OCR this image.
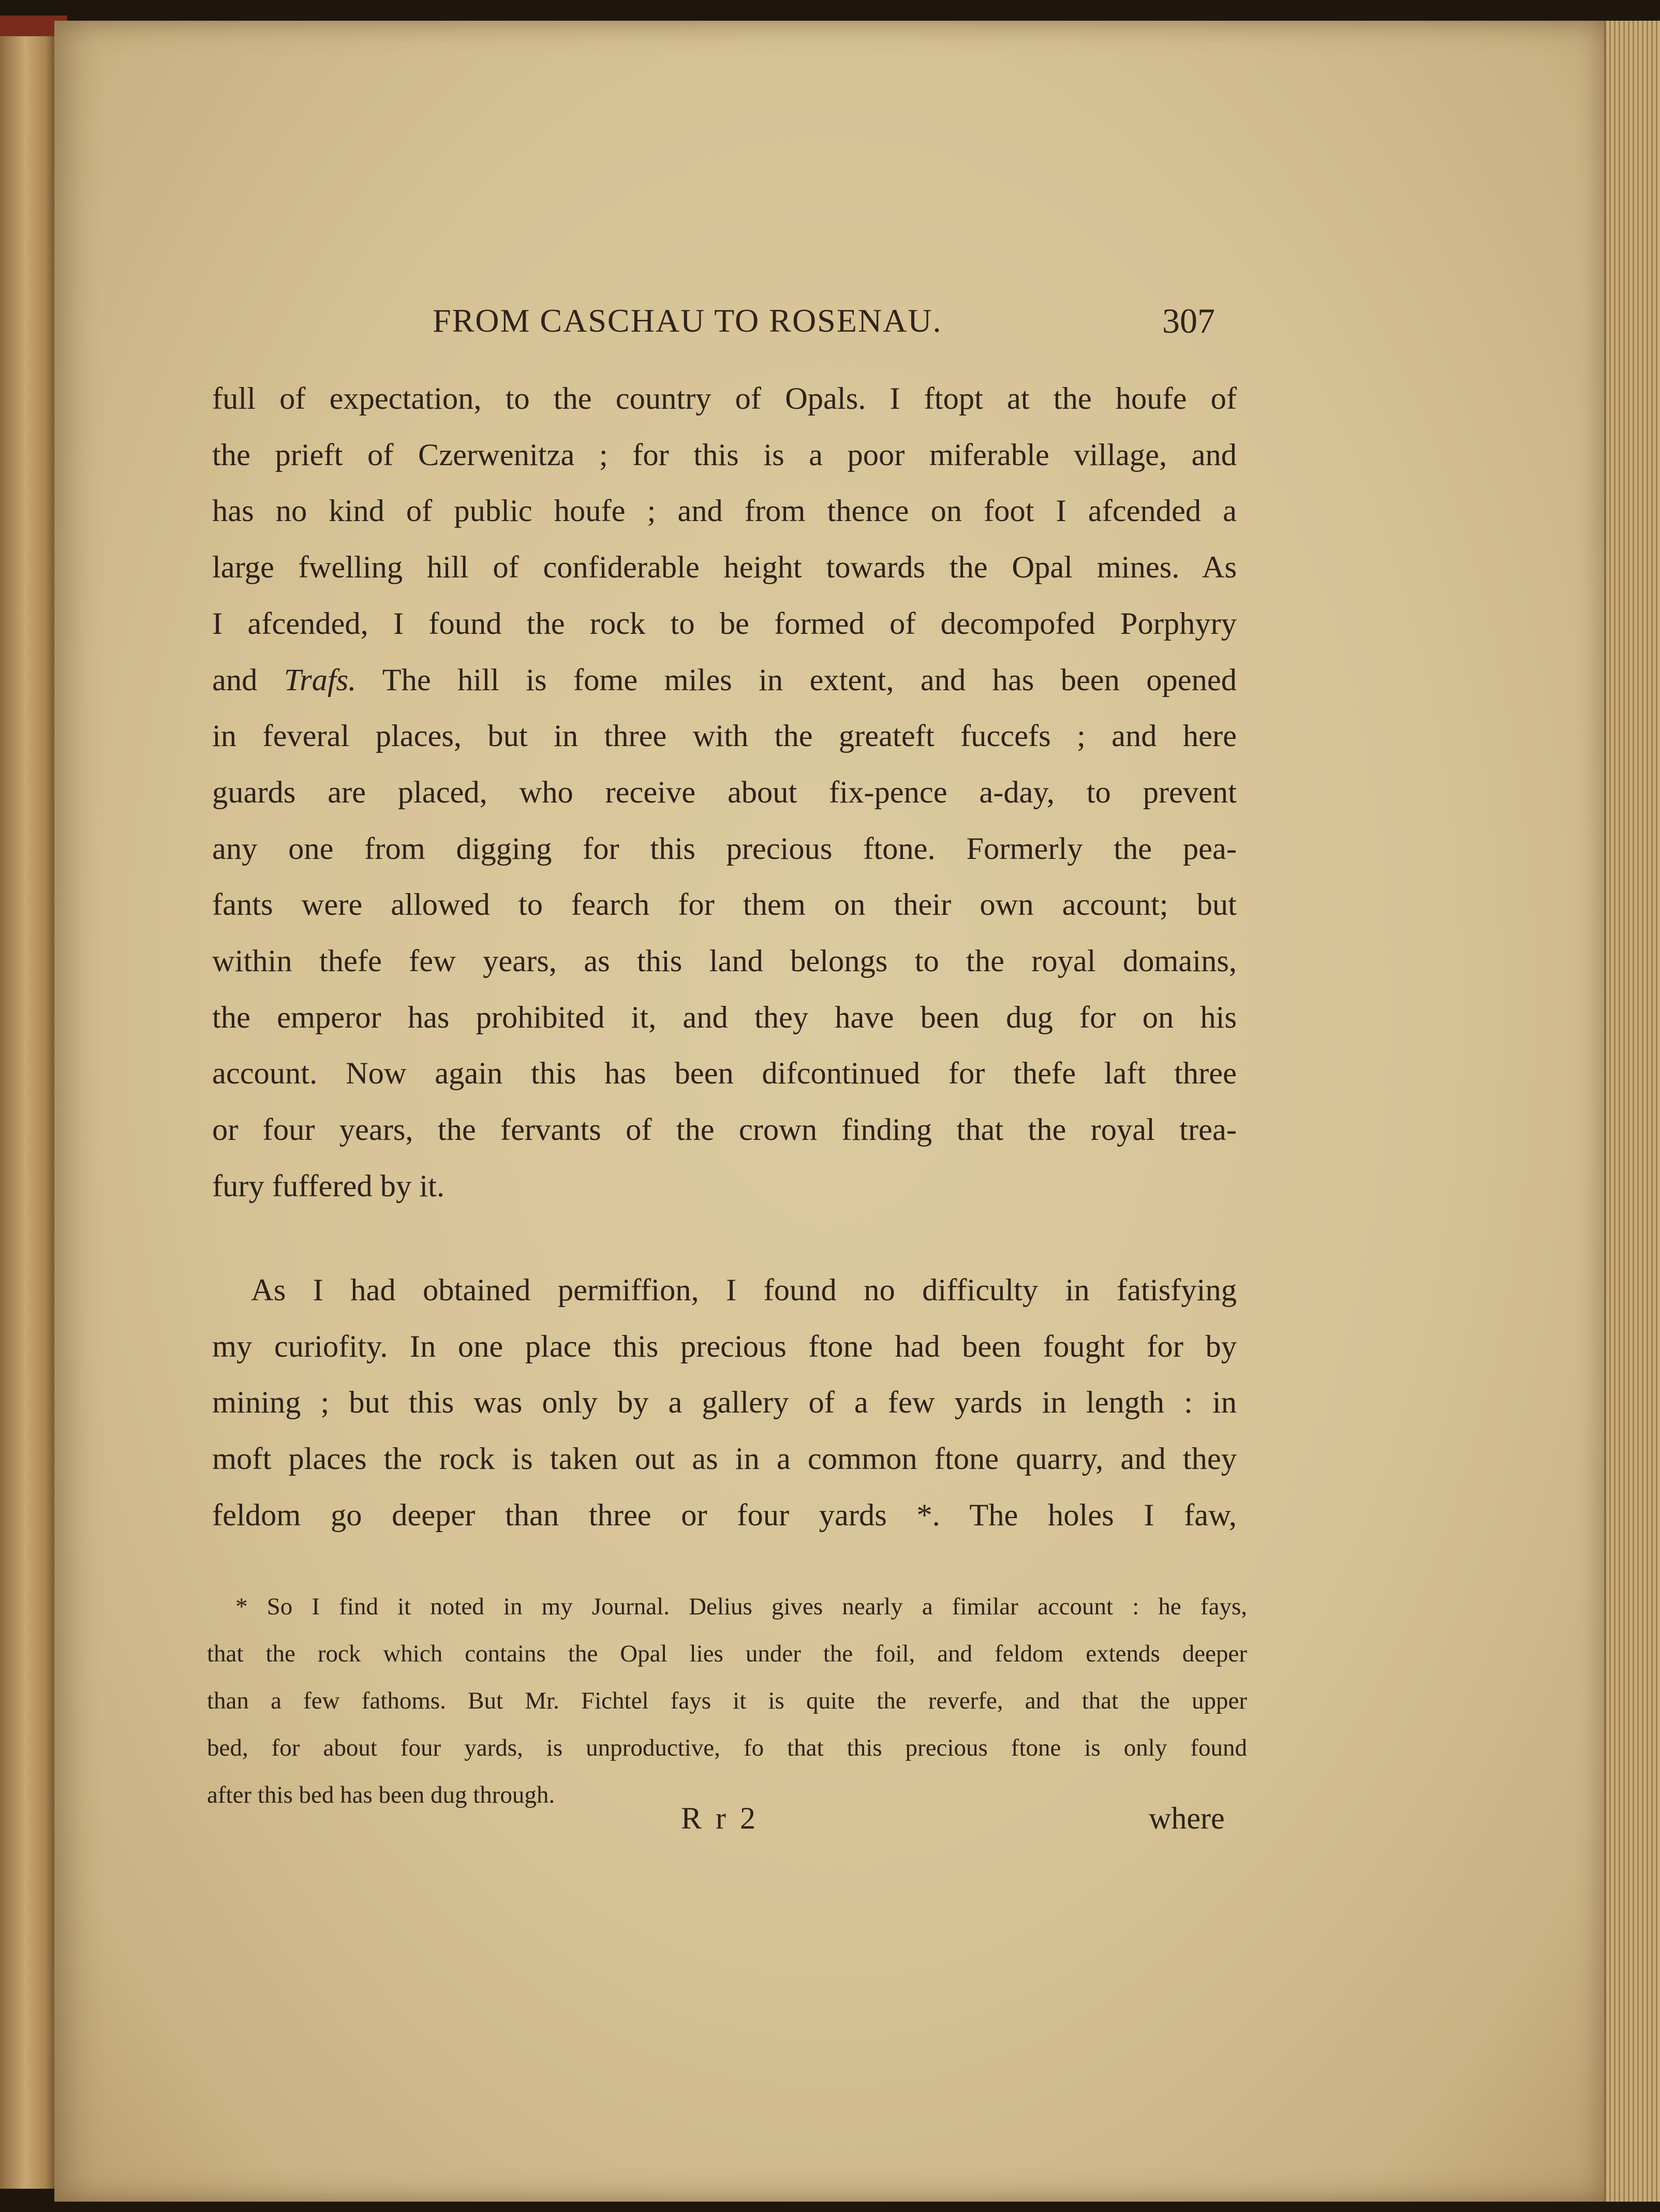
FROM CASCHAU TO ROSENAU.	307
full of expectation, to the country of Opals. I ftopt at the houfe of
the prieft of Czerwenitza ; for this is a poor miferable village, and
has no kind of public houfe ; and from thence on foot I afcended a
large fwelling hill of confiderable height towards the Opal mines. As
I afcended, I found the rock to be formed of decompofed Porphyry
and Trafs. The hill is fome miles in extent, and has been opened
in feveral places, but in three with the greateft fuccefs ; and here
guards are placed, who receive about fix-pence a-day, to prevent
any one from digging for this precious ftone. Formerly the pea-
fants were allowed to fearch for them on their own account; but
within thefe few years, as this land belongs to the royal domains,
the emperor has prohibited it, and they have been dug for on his
account. Now again this has been difcontinued for thefe laft three
or four years, the fervants of the crown finding that the royal trea-
fury fuffered by it.
As I had obtained permiffion, I found no difficulty in fatisfying
my curiofity. In one place this precious ftone had been fought for by
mining ; but this was only by a gallery of a few yards in length : in
moft places the rock is taken out as in a common ftone quarry, and they
feldom go deeper than three or four yards *. The holes I faw,
* So I find it noted in my Journal. Delius gives nearly a fimilar account : he fays,
that the rock which contains the Opal lies under the foil, and feldom extends deeper
than a few fathoms. But Mr. Fichtel fays it is quite the reverfe, and that the upper
bed, for about four yards, is unproductive, fo that this precious ftone is only found
after this bed has been dug through.
R r 2	where
